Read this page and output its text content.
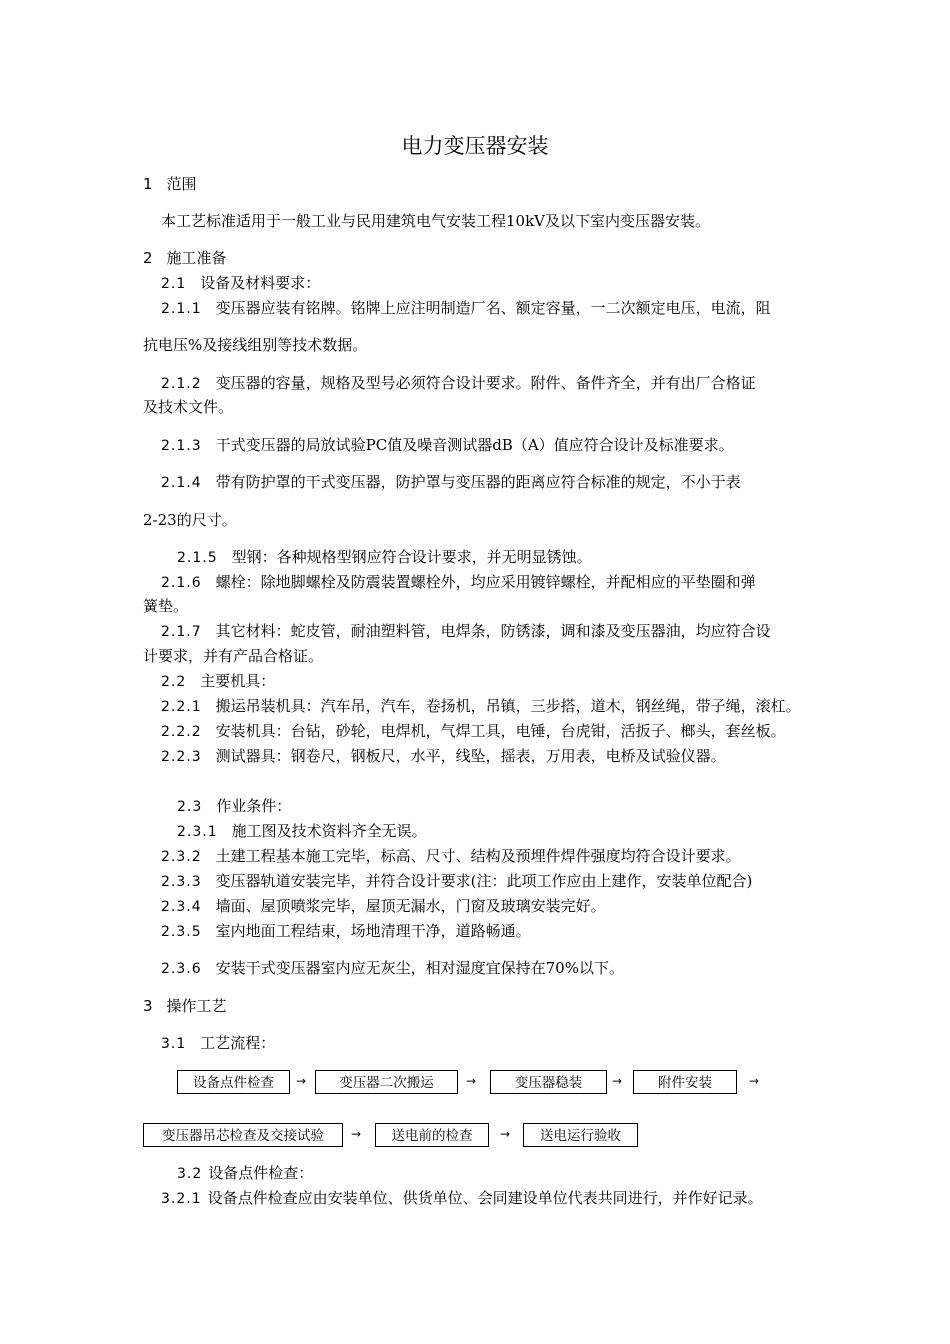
电力变压器安装
1 范围
本工艺标准适用于一般工业与民用建筑电气安装工程10kV及以下室内变压器安装。
2 施工准备
2.1 设备及材料要求：
2.1.1 变压器应装有铭牌。铭牌上应注明制造厂名、额定容量，一二次额定电压，电流，阻
抗电压%及接线组别等技术数据。
2.1.2 变压器的容量，规格及型号必须符合设计要求。附件、备件齐全，并有出厂合格证
及技术文件。
2.1.3 干式变压器的局放试验PC值及噪音测试器dB（A）值应符合设计及标准要求。
2.1.4 带有防护罩的干式变压器，防护罩与变压器的距离应符合标准的规定，不小于表
2-23的尺寸。
2.1.5 型钢：各种规格型钢应符合设计要求，并无明显锈蚀。
2.1.6 螺栓：除地脚螺栓及防震装置螺栓外，均应采用镀锌螺栓，并配相应的平垫圈和弹
簧垫。
2.1.7 其它材料：蛇皮管，耐油塑料管，电焊条，防锈漆，调和漆及变压器油，均应符合设
计要求，并有产品合格证。
2.2 主要机具：
2.2.1 搬运吊装机具：汽车吊，汽车，卷扬机，吊镇，三步搭，道木，钢丝绳，带子绳，滚杠。
2.2.2 安装机具：台钻，砂轮，电焊机，气焊工具，电锤，台虎钳，活扳子、榔头，套丝板。
2.2.3 测试器具：钢卷尺，钢板尺，水平，线坠，摇表，万用表，电桥及试验仪器。
2.3 作业条件：
2.3.1 施工图及技术资料齐全无误。
2.3.2 土建工程基本施工完毕，标高、尺寸、结构及预埋件焊件强度均符合设计要求。
2.3.3 变压器轨道安装完毕，并符合设计要求(注：此项工作应由上建作，安装单位配合)
2.3.4 墙面、屋顶喷浆完毕，屋顶无漏水，门窗及玻璃安装完好。
2.3.5 室内地面工程结束，场地清理干净，道路畅通。
2.3.6 安装干式变压器室内应无灰尘，相对湿度宜保持在70%以下。
3 操作工艺
3.1 工艺流程：
设备点件检查	→	变压器二次搬运	→	变压器稳装	→	附件安装	→
变压器吊芯检查及交接试验	→	送电前的检查	→	送电运行验收
3.2 设备点件检查：
3.2.1 设备点件检查应由安装单位、供货单位、会同建设单位代表共同进行，并作好记录。
